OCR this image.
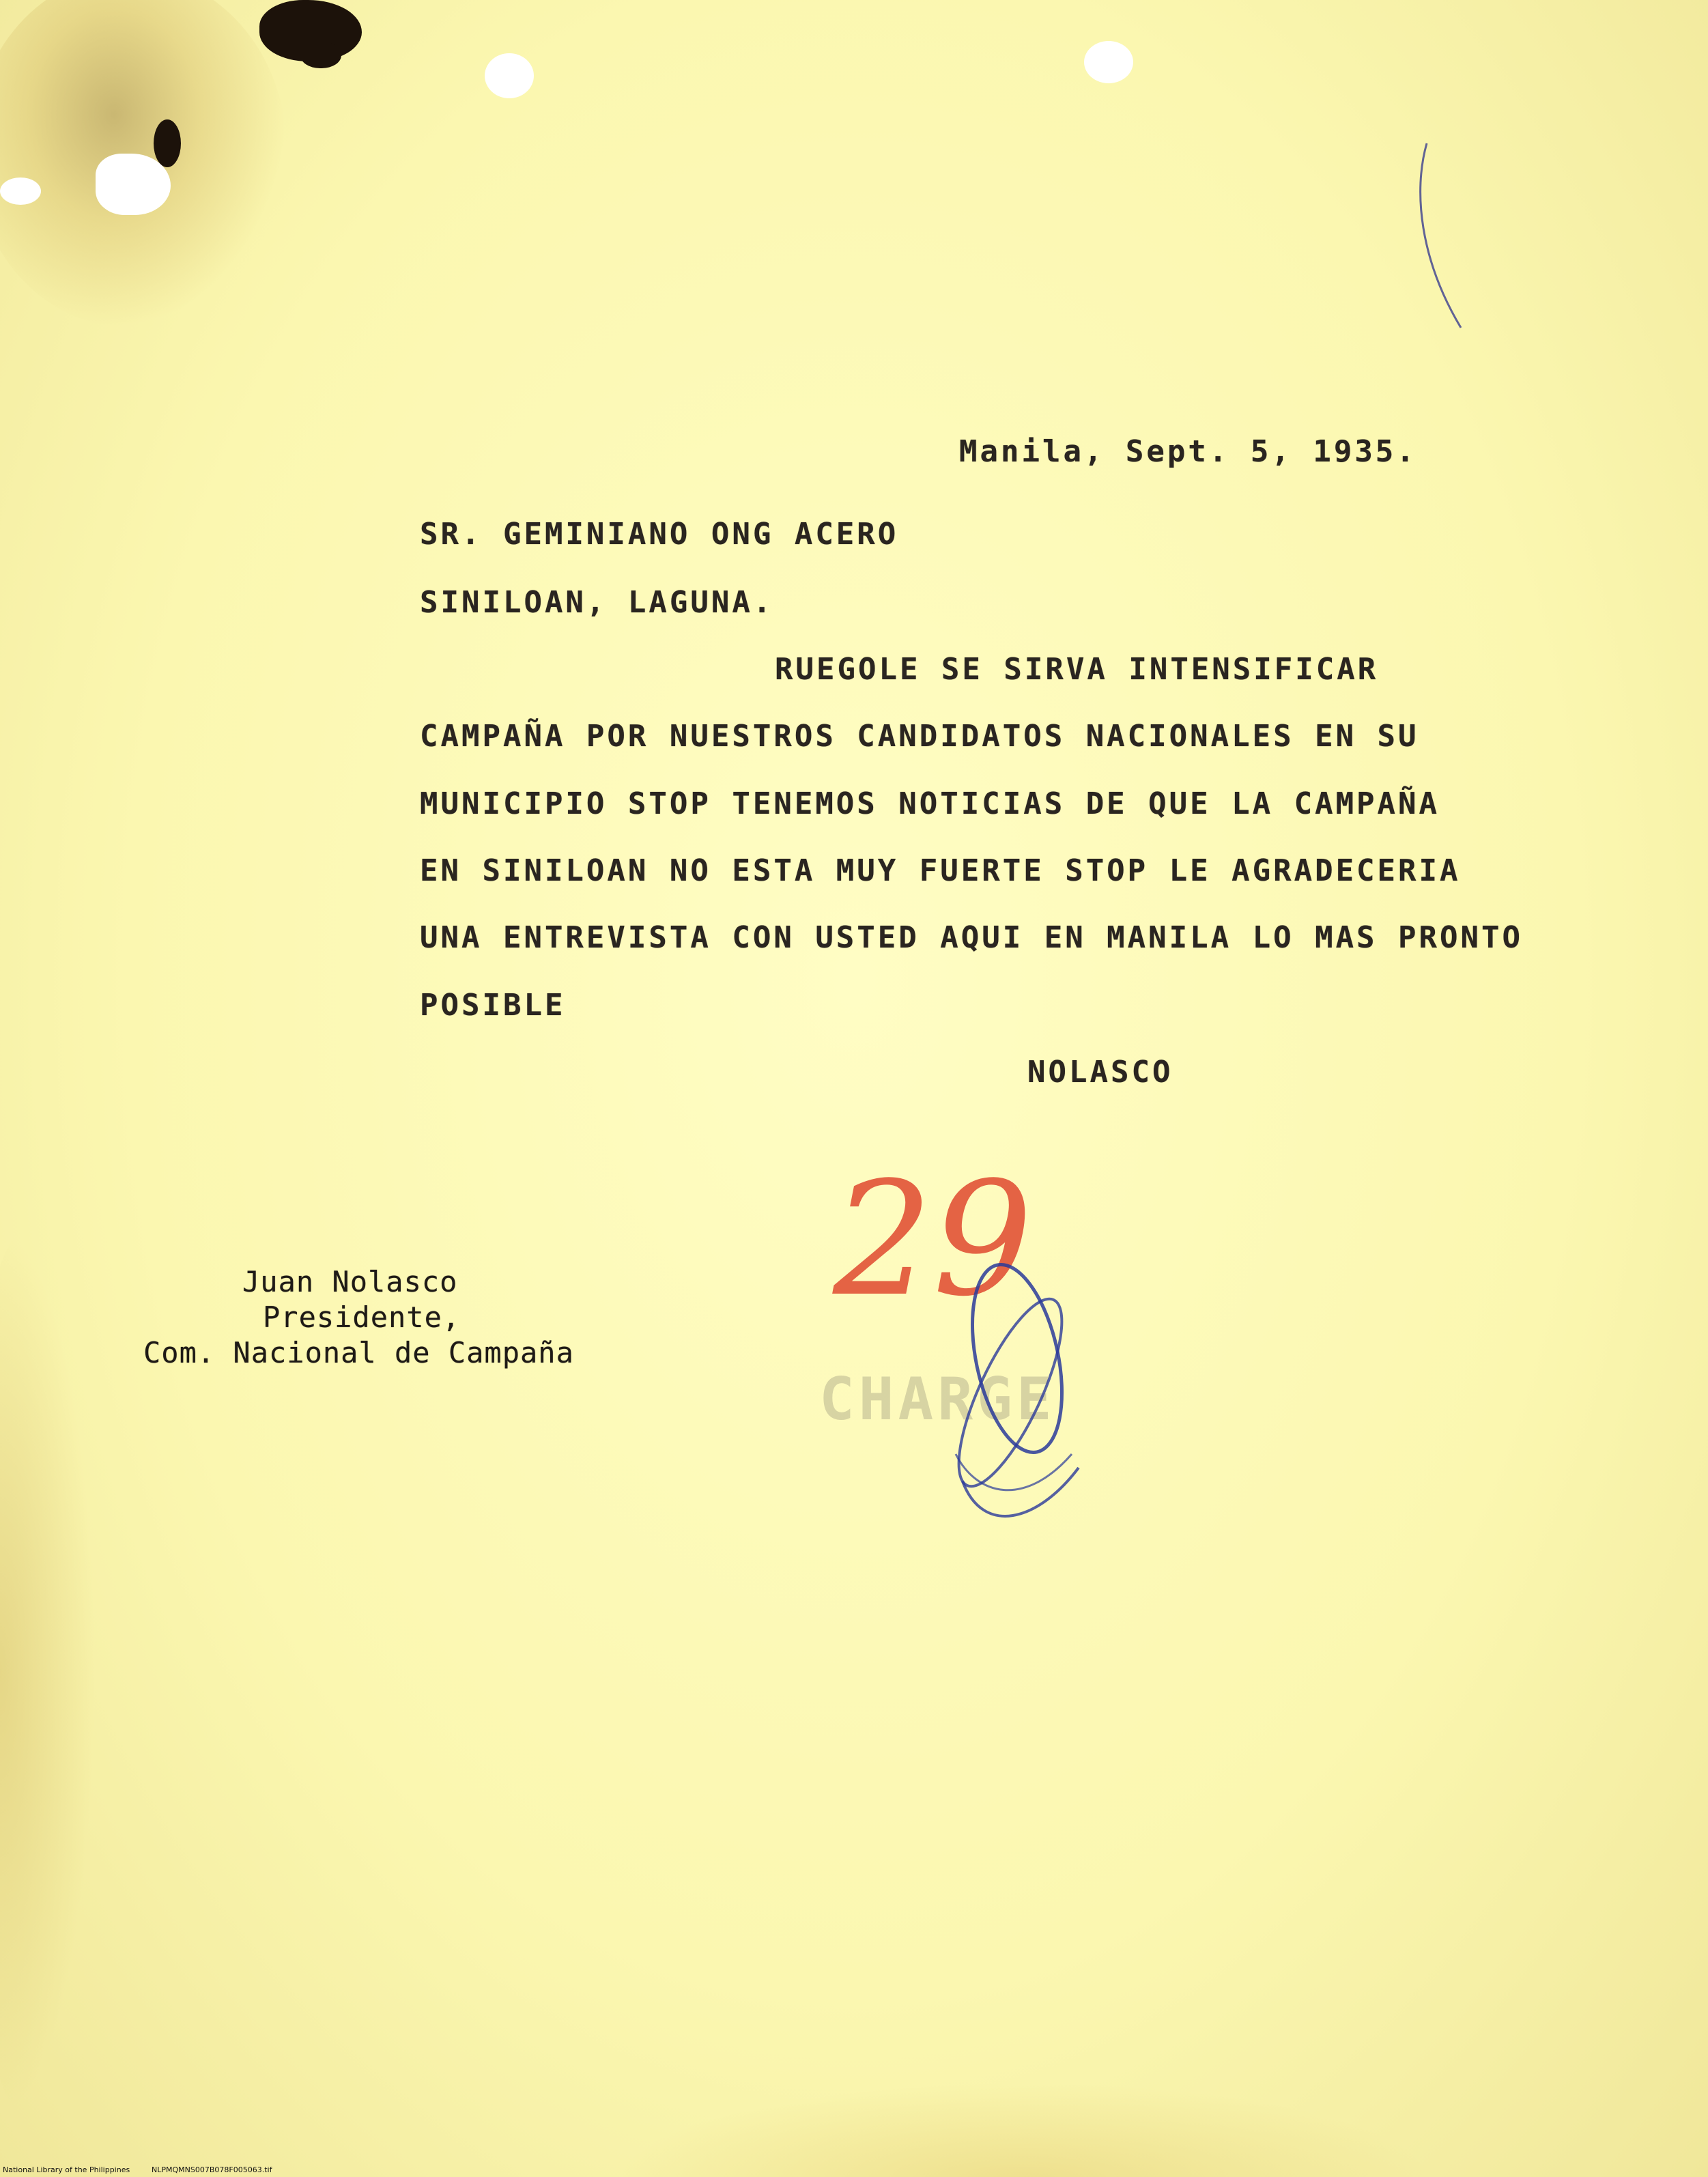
Manila, Sept. 5, 1935.
SR. GEMINIANO ONG ACERO
SINILOAN, LAGUNA.
RUEGOLE SE SIRVA INTENSIFICAR
CAMPAÑA POR NUESTROS CANDIDATOS NACIONALES EN SU
MUNICIPIO STOP TENEMOS NOTICIAS DE QUE LA CAMPAÑA
EN SINILOAN NO ESTA MUY FUERTE STOP LE AGRADECERIA
UNA ENTREVISTA CON USTED AQUI EN MANILA LO MAS PRONTO
POSIBLE
NOLASCO
Juan Nolasco
Presidente,
Com. Nacional de Campaña
CHARGE
29
National Library of the Philippines	NLPMQMNS007B078F005063.tif
